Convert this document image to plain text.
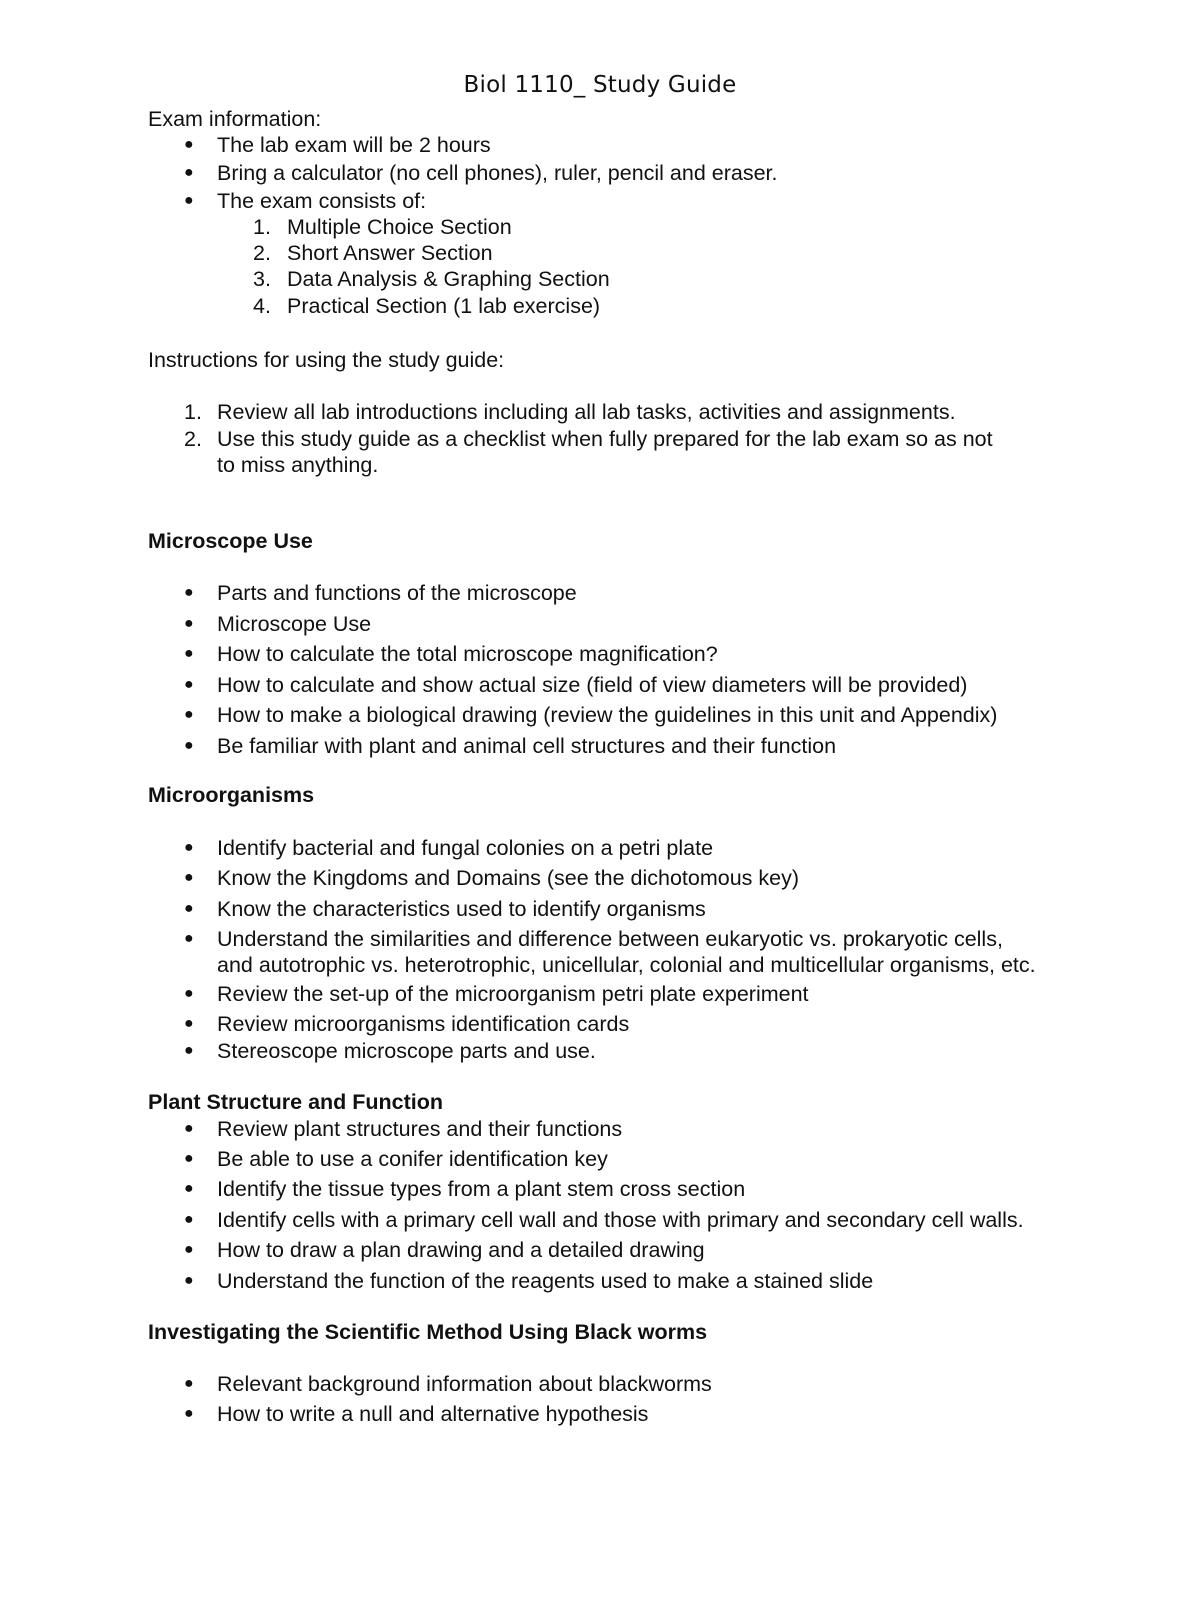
Biol 1110_ Study Guide
Exam information:
● The lab exam will be 2 hours
● Bring a calculator (no cell phones), ruler, pencil and eraser.
● The exam consists of:
1. Multiple Choice Section
2. Short Answer Section
3. Data Analysis & Graphing Section
4. Practical Section (1 lab exercise)
Instructions for using the study guide:
1. Review all lab introductions including all lab tasks, activities and assignments.
2. Use this study guide as a checklist when fully prepared for the lab exam so as not
to miss anything.
Microscope Use
● Parts and functions of the microscope
● Microscope Use
● How to calculate the total microscope magnification?
● How to calculate and show actual size (field of view diameters will be provided)
● How to make a biological drawing (review the guidelines in this unit and Appendix)
● Be familiar with plant and animal cell structures and their function
Microorganisms
● Identify bacterial and fungal colonies on a petri plate
● Know the Kingdoms and Domains (see the dichotomous key)
● Know the characteristics used to identify organisms
● Understand the similarities and difference between eukaryotic vs. prokaryotic cells,
and autotrophic vs. heterotrophic, unicellular, colonial and multicellular organisms, etc.
● Review the set-up of the microorganism petri plate experiment
● Review microorganisms identification cards
● Stereoscope microscope parts and use.
Plant Structure and Function
● Review plant structures and their functions
● Be able to use a conifer identification key
● Identify the tissue types from a plant stem cross section
● Identify cells with a primary cell wall and those with primary and secondary cell walls.
● How to draw a plan drawing and a detailed drawing
● Understand the function of the reagents used to make a stained slide
Investigating the Scientific Method Using Black worms
● Relevant background information about blackworms
● How to write a null and alternative hypothesis
